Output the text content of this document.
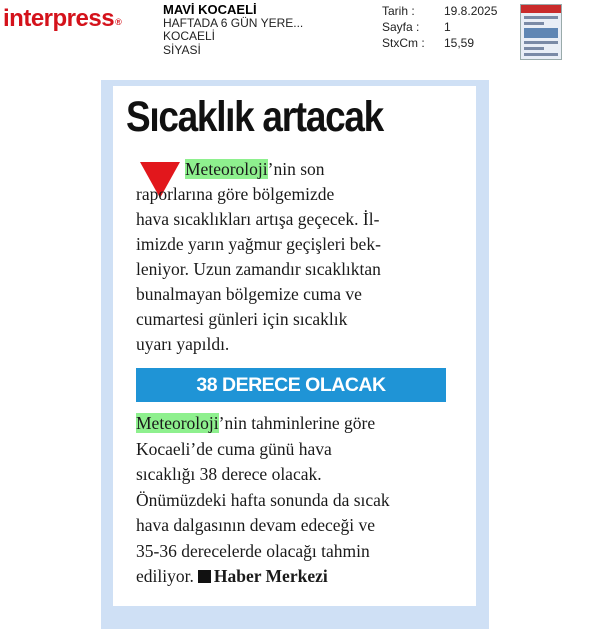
interpress®
MAVİ KOCAELİ
HAFTADA 6 GÜN YERE...
KOCAELİ
SİYASİ
Tarih :	19.8.2025
Sayfa :	1
StxCm :	15,59
Sıcaklık artacak
Meteoroloji’nin son
raporlarına göre bölgemizde
hava sıcaklıkları artışa geçecek. İl-
imizde yarın yağmur geçişleri bek-
leniyor. Uzun zamandır sıcaklıktan
bunalmayan bölgemize cuma ve
cumartesi günleri için sıcaklık
uyarı yapıldı.
38 DERECE OLACAK
Meteoroloji’nin tahminlerine göre
Kocaeli’de cuma günü hava
sıcaklığı 38 derece olacak.
Önümüzdeki hafta sonunda da sıcak
hava dalgasının devam edeceği ve
35-36 derecelerde olacağı tahmin
ediliyor. Haber Merkezi
